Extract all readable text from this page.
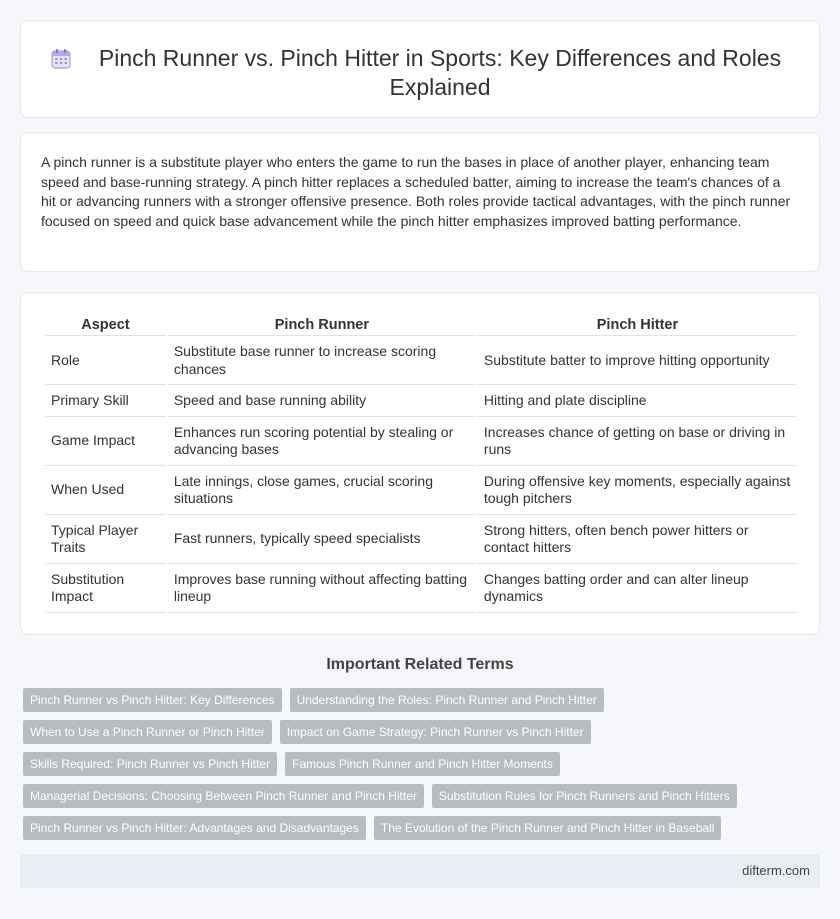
Pinch Runner vs. Pinch Hitter in Sports: Key Differences and Roles Explained

A pinch runner is a substitute player who enters the game to run the bases in place of another player, enhancing team speed and base-running strategy. A pinch hitter replaces a scheduled batter, aiming to increase the team's chances of a hit or advancing runners with a stronger offensive presence. Both roles provide tactical advantages, with the pinch runner focused on speed and quick base advancement while the pinch hitter emphasizes improved batting performance.

Aspect	Pinch Runner	Pinch Hitter
Role	Substitute base runner to increase scoring chances	Substitute batter to improve hitting opportunity
Primary Skill	Speed and base running ability	Hitting and plate discipline
Game Impact	Enhances run scoring potential by stealing or advancing bases	Increases chance of getting on base or driving in runs
When Used	Late innings, close games, crucial scoring situations	During offensive key moments, especially against tough pitchers
Typical Player Traits	Fast runners, typically speed specialists	Strong hitters, often bench power hitters or contact hitters
Substitution Impact	Improves base running without affecting batting lineup	Changes batting order and can alter lineup dynamics
Important Related Terms
Pinch Runner vs Pinch Hitter: Key Differences	Understanding the Roles: Pinch Runner and Pinch Hitter
When to Use a Pinch Runner or Pinch Hitter	Impact on Game Strategy: Pinch Runner vs Pinch Hitter
Skills Required: Pinch Runner vs Pinch Hitter	Famous Pinch Runner and Pinch Hitter Moments
Managerial Decisions: Choosing Between Pinch Runner and Pinch Hitter	Substitution Rules for Pinch Runners and Pinch Hitters
Pinch Runner vs Pinch Hitter: Advantages and Disadvantages	The Evolution of the Pinch Runner and Pinch Hitter in Baseball
difterm.com
